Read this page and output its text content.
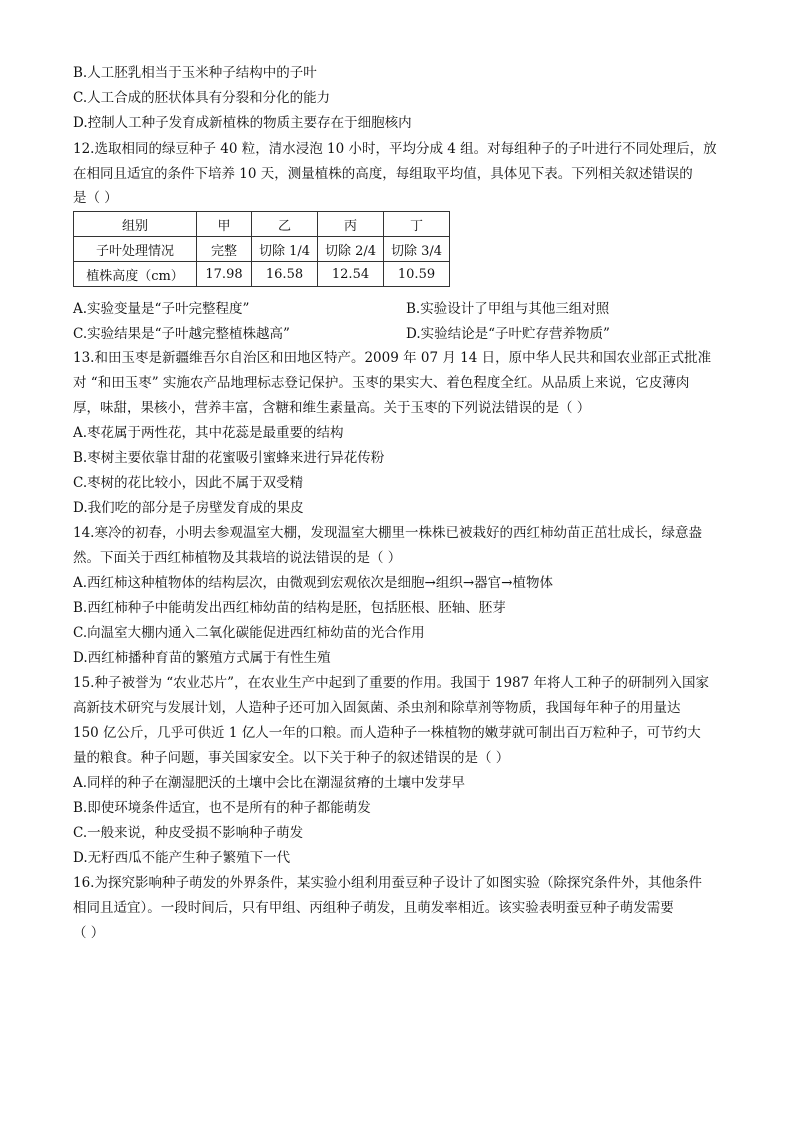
B.人工胚乳相当于玉米种子结构中的子叶
C.人工合成的胚状体具有分裂和分化的能力
D.控制人工种子发育成新植株的物质主要存在于细胞核内
12.选取相同的绿豆种子 40 粒，清水浸泡 10 小时，平均分成 4 组。对每组种子的子叶进行不同处理后，放
在相同且适宜的条件下培养 10 天，测量植株的高度，每组取平均值，具体见下表。下列相关叙述错误的
是（ ）
组别	甲	乙	丙	丁
子叶处理情况	完整	切除 1/4	切除 2/4	切除 3/4
植株高度（cm）	17.98	16.58	12.54	10.59
A.实验变量是“子叶完整程度”	B.实验设计了甲组与其他三组对照
C.实验结果是“子叶越完整植株越高”	D.实验结论是“子叶贮存营养物质”
13.和田玉枣是新疆维吾尔自治区和田地区特产。2009 年 07 月 14 日，原中华人民共和国农业部正式批准
对 “和田玉枣” 实施农产品地理标志登记保护。玉枣的果实大、着色程度全红。从品质上来说，它皮薄肉
厚，味甜，果核小，营养丰富，含糖和维生素量高。关于玉枣的下列说法错误的是（ ）
A.枣花属于两性花，其中花蕊是最重要的结构
B.枣树主要依靠甘甜的花蜜吸引蜜蜂来进行异花传粉
C.枣树的花比较小，因此不属于双受精
D.我们吃的部分是子房壁发育成的果皮
14.寒冷的初春，小明去参观温室大棚，发现温室大棚里一株株已被栽好的西红柿幼苗正茁壮成长，绿意盎
然。下面关于西红柿植物及其栽培的说法错误的是（ ）
A.西红柿这种植物体的结构层次，由微观到宏观依次是细胞→组织→器官→植物体
B.西红柿种子中能萌发出西红柿幼苗的结构是胚，包括胚根、胚轴、胚芽
C.向温室大棚内通入二氧化碳能促进西红柿幼苗的光合作用
D.西红柿播种育苗的繁殖方式属于有性生殖
15.种子被誉为 “农业芯片”，在农业生产中起到了重要的作用。我国于 1987 年将人工种子的研制列入国家
高新技术研究与发展计划，人造种子还可加入固氮菌、杀虫剂和除草剂等物质，我国每年种子的用量达
150 亿公斤，几乎可供近 1 亿人一年的口粮。而人造种子一株植物的嫩芽就可制出百万粒种子，可节约大
量的粮食。种子问题，事关国家安全。以下关于种子的叙述错误的是（ ）
A.同样的种子在潮湿肥沃的土壤中会比在潮湿贫瘠的土壤中发芽早
B.即使环境条件适宜，也不是所有的种子都能萌发
C.一般来说，种皮受损不影响种子萌发
D.无籽西瓜不能产生种子繁殖下一代
16.为探究影响种子萌发的外界条件，某实验小组利用蚕豆种子设计了如图实验（除探究条件外，其他条件
相同且适宜）。一段时间后，只有甲组、丙组种子萌发，且萌发率相近。该实验表明蚕豆种子萌发需要
（ ）
